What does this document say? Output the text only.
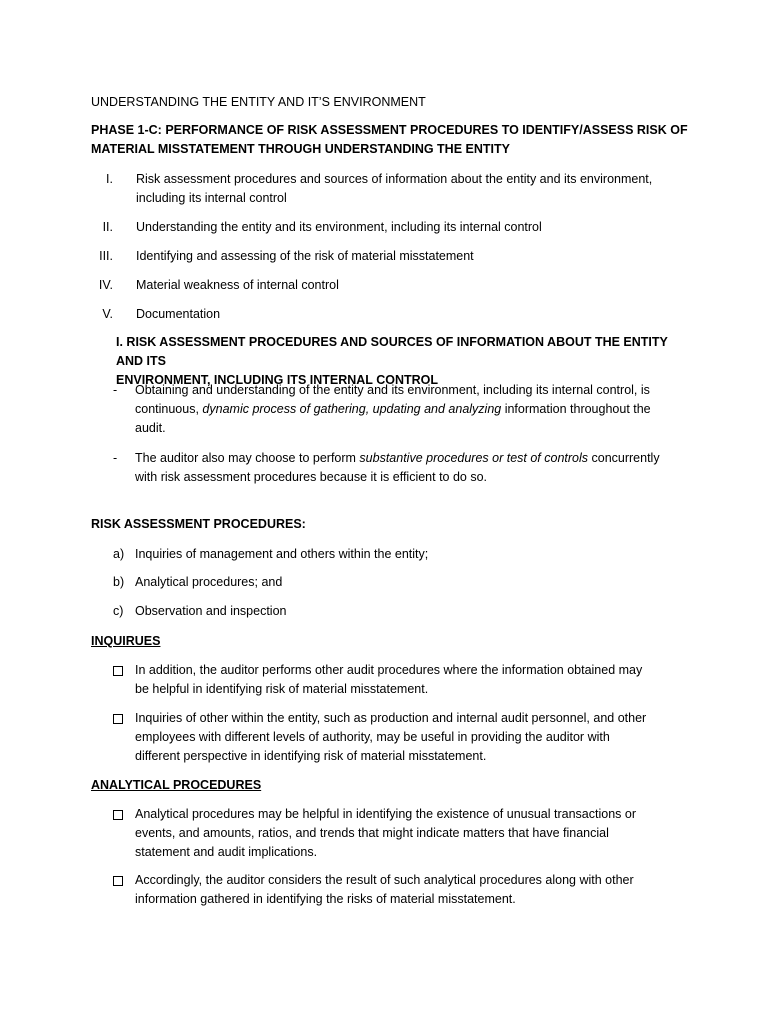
UNDERSTANDING THE ENTITY AND IT’S ENVIRONMENT
PHASE 1-C: PERFORMANCE OF RISK ASSESSMENT PROCEDURES TO IDENTIFY/ASSESS RISK OF
MATERIAL MISSTATEMENT THROUGH UNDERSTANDING THE ENTITY
I. Risk assessment procedures and sources of information about the entity and its environment,
including its internal control
II. Understanding the entity and its environment, including its internal control
III. Identifying and assessing of the risk of material misstatement
IV. Material weakness of internal control
V. Documentation
I. RISK ASSESSMENT PROCEDURES AND SOURCES OF INFORMATION ABOUT THE ENTITY AND ITS
ENVIRONMENT, INCLUDING ITS INTERNAL CONTROL
- Obtaining and understanding of the entity and its environment, including its internal control, is
continuous, dynamic process of gathering, updating and analyzing information throughout the
audit.
- The auditor also may choose to perform substantive procedures or test of controls concurrently
with risk assessment procedures because it is efficient to do so.
RISK ASSESSMENT PROCEDURES:
a) Inquiries of management and others within the entity;
b) Analytical procedures; and
c) Observation and inspection
INQUIRUES
In addition, the auditor performs other audit procedures where the information obtained may
be helpful in identifying risk of material misstatement.
Inquiries of other within the entity, such as production and internal audit personnel, and other
employees with different levels of authority, may be useful in providing the auditor with
different perspective in identifying risk of material misstatement.
ANALYTICAL PROCEDURES
Analytical procedures may be helpful in identifying the existence of unusual transactions or
events, and amounts, ratios, and trends that might indicate matters that have financial
statement and audit implications.
Accordingly, the auditor considers the result of such analytical procedures along with other
information gathered in identifying the risks of material misstatement.
